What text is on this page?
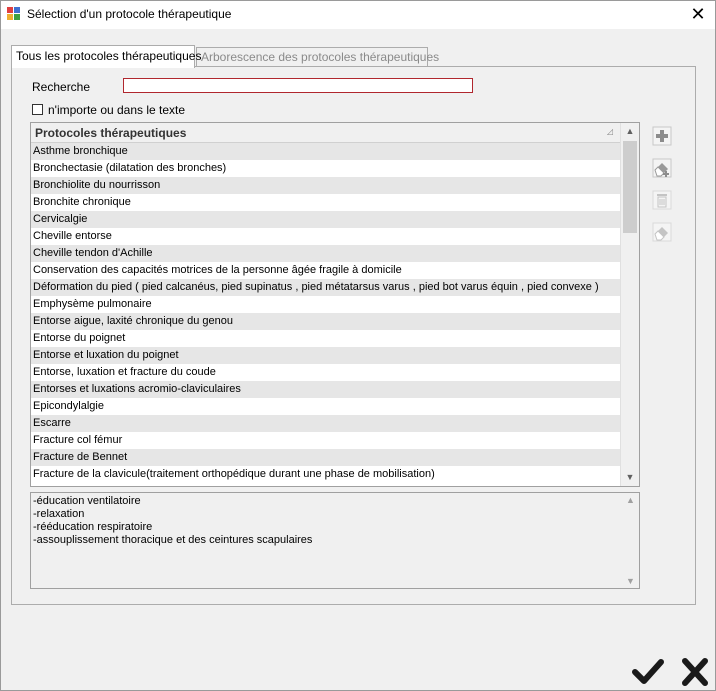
Sélection d'un protocole thérapeutique	✕
Tous les protocoles thérapeutiques Arborescence des protocoles thérapeutiques
Recherche
n'importe ou dans le texte
Protocoles thérapeutiques	◿
Asthme bronchique
Bronchectasie (dilatation des bronches)
Bronchiolite du nourrisson
Bronchite chronique
Cervicalgie
Cheville entorse
Cheville tendon d'Achille
Conservation des capacités motrices de la personne âgée fragile à domicile
Déformation du pied ( pied calcanéus, pied supinatus , pied métatarsus varus , pied bot varus équin , pied convexe )
Emphysème pulmonaire
Entorse aigue, laxité chronique du genou
Entorse du poignet
Entorse et luxation du poignet
Entorse, luxation et fracture du coude
Entorses et luxations acromio-claviculaires
Epicondylalgie
Escarre
Fracture col fémur
Fracture de Bennet
Fracture de la clavicule(traitement orthopédique durant une phase de mobilisation)
▲
▼
-éducation ventilatoire
-relaxation
-rééducation respiratoire
-assouplissement thoracique et des ceintures scapulaires
▲
▼
